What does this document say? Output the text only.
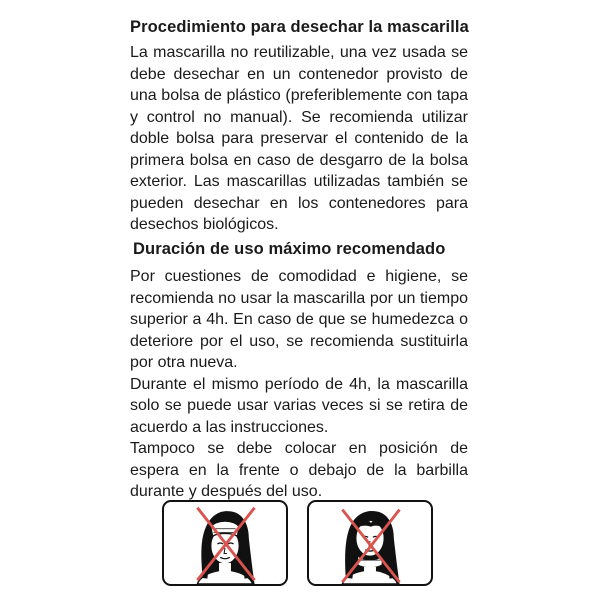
Procedimiento para desechar la mascarilla

La mascarilla no reutilizable, una vez usada se debe desechar en un contenedor provisto de una bolsa de plástico (preferiblemente con tapa y control no manual). Se recomienda utilizar doble bolsa para preservar el contenido de la primera bolsa en caso de desgarro de la bolsa exterior. Las mascarillas utilizadas también se pueden desechar en los contenedores para desechos biológicos.

Duración de uso máximo recomendado

Por cuestiones de comodidad e higiene, se recomienda no usar la mascarilla por un tiempo superior a 4h. En caso de que se humedezca o deteriore por el uso, se recomienda sustituirla por otra nueva.

Durante el mismo período de 4h, la mascarilla solo se puede usar varias veces si se retira de acuerdo a las instrucciones.

Tampoco se debe colocar en posición de espera en la frente o debajo de la barbilla durante y después del uso.
